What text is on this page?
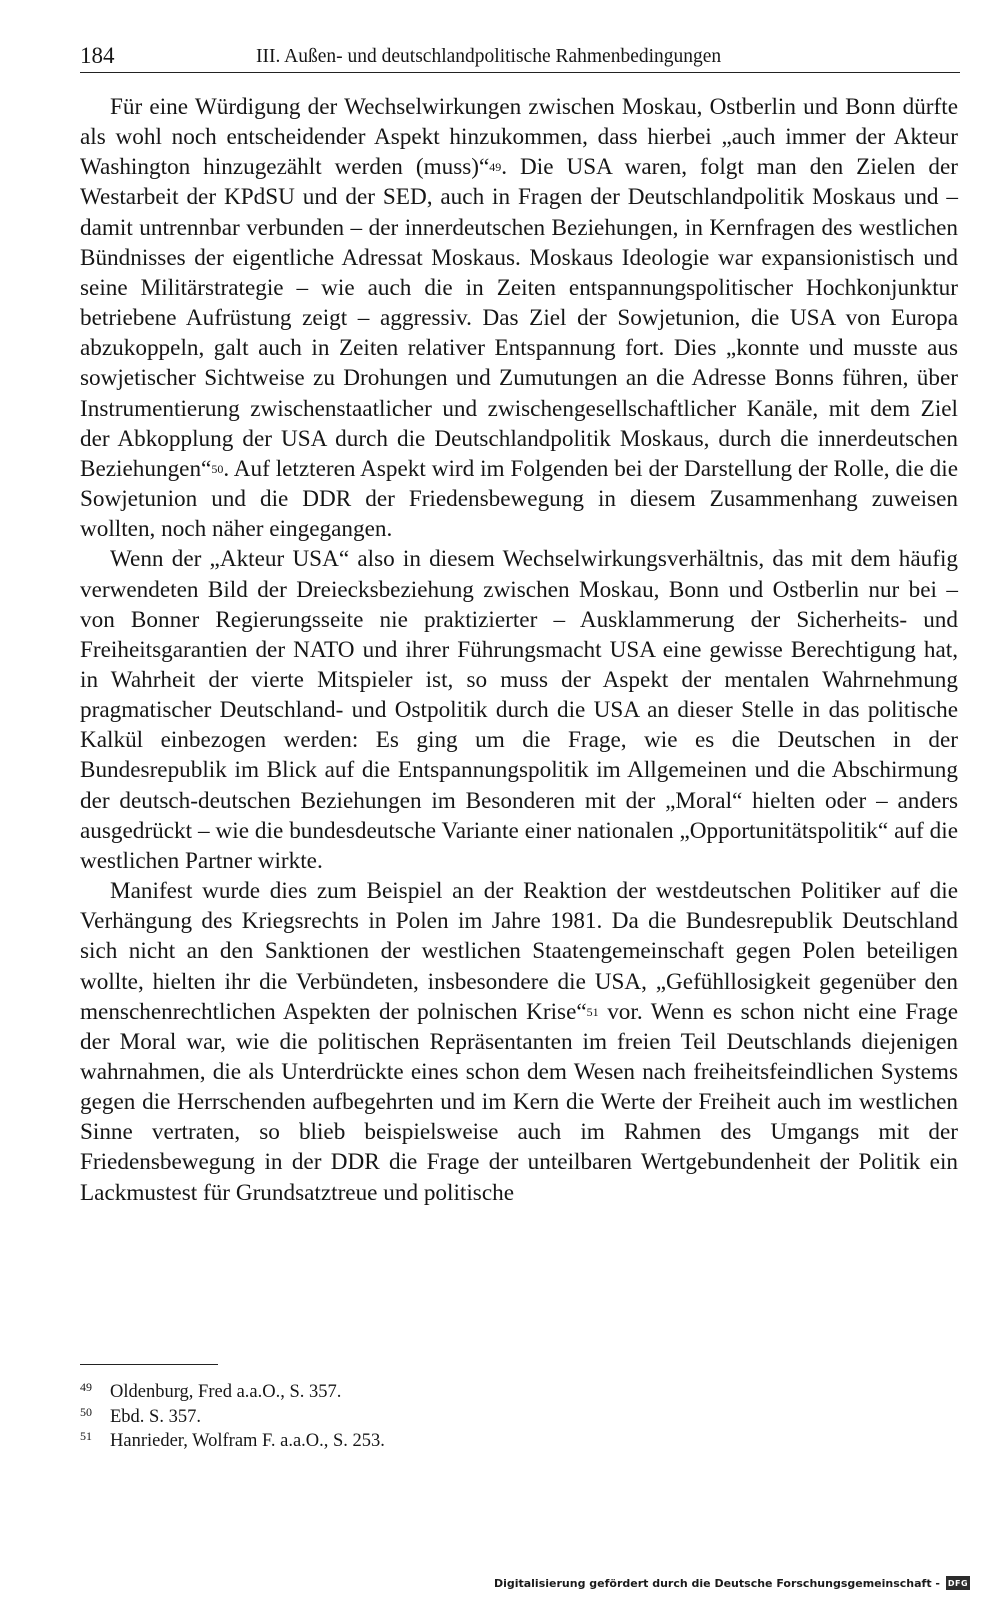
184	III. Außen- und deutschlandpolitische Rahmenbedingungen

Für eine Würdigung der Wechselwirkungen zwischen Moskau, Ostberlin und Bonn dürfte als wohl noch entscheidender Aspekt hinzukommen, dass hierbei „auch immer der Akteur Washington hinzugezählt werden (muss)“$^{49}$. Die USA waren, folgt man den Zielen der Westarbeit der KPdSU und der SED, auch in Fragen der Deutschlandpolitik Moskaus und – damit untrennbar verbunden – der innerdeutschen Beziehungen, in Kernfragen des westlichen Bündnisses der eigentliche Adressat Moskaus. Moskaus Ideologie war expansionistisch und seine Militärstrategie – wie auch die in Zeiten entspannungspolitischer Hochkonjunktur betriebene Aufrüstung zeigt – aggressiv. Das Ziel der Sowjetunion, die USA von Europa abzukoppeln, galt auch in Zeiten relativer Entspannung fort. Dies „konnte und musste aus sowjetischer Sichtweise zu Drohungen und Zumutungen an die Adresse Bonns führen, über Instrumentierung zwischenstaatlicher und zwischengesellschaftlicher Kanäle, mit dem Ziel der Abkopplung der USA durch die Deutschlandpolitik Moskaus, durch die innerdeutschen Beziehungen“$^{50}$. Auf letzteren Aspekt wird im Folgenden bei der Darstellung der Rolle, die die Sowjetunion und die DDR der Friedensbewegung in diesem Zusammenhang zuweisen wollten, noch näher eingegangen.

Wenn der „Akteur USA“ also in diesem Wechselwirkungsverhältnis, das mit dem häufig verwendeten Bild der Dreiecksbeziehung zwischen Moskau, Bonn und Ostberlin nur bei – von Bonner Regierungsseite nie praktizierter – Ausklammerung der Sicherheits- und Freiheitsgarantien der NATO und ihrer Führungsmacht USA eine gewisse Berechtigung hat, in Wahrheit der vierte Mitspieler ist, so muss der Aspekt der mentalen Wahrnehmung pragmatischer Deutschland- und Ostpolitik durch die USA an dieser Stelle in das politische Kalkül einbezogen werden: Es ging um die Frage, wie es die Deutschen in der Bundesrepublik im Blick auf die Entspannungspolitik im Allgemeinen und die Abschirmung der deutsch-deutschen Beziehungen im Besonderen mit der „Moral“ hielten oder – anders ausgedrückt – wie die bundesdeutsche Variante einer nationalen „Opportunitätspolitik“ auf die westlichen Partner wirkte.

Manifest wurde dies zum Beispiel an der Reaktion der westdeutschen Politiker auf die Verhängung des Kriegsrechts in Polen im Jahre 1981. Da die Bundesrepublik Deutschland sich nicht an den Sanktionen der westlichen Staatengemeinschaft gegen Polen beteiligen wollte, hielten ihr die Verbündeten, insbesondere die USA, „Gefühllosigkeit gegenüber den menschenrechtlichen Aspekten der polnischen Krise“$^{51}$ vor. Wenn es schon nicht eine Frage der Moral war, wie die politischen Repräsentanten im freien Teil Deutschlands diejenigen wahrnahmen, die als Unterdrückte eines schon dem Wesen nach freiheitsfeindlichen Systems gegen die Herrschenden aufbegehrten und im Kern die Werte der Freiheit auch im westlichen Sinne vertraten, so blieb beispielsweise auch im Rahmen des Umgangs mit der Friedensbewegung in der DDR die Frage der unteilbaren Wertgebundenheit der Politik ein Lackmustest für Grundsatztreue und politische

49 Oldenburg, Fred a.a.O., S. 357.
50 Ebd. S. 357.
51 Hanrieder, Wolfram F. a.a.O., S. 253.
Digitalisierung gefördert durch die Deutsche Forschungsgemeinschaft - DFG
